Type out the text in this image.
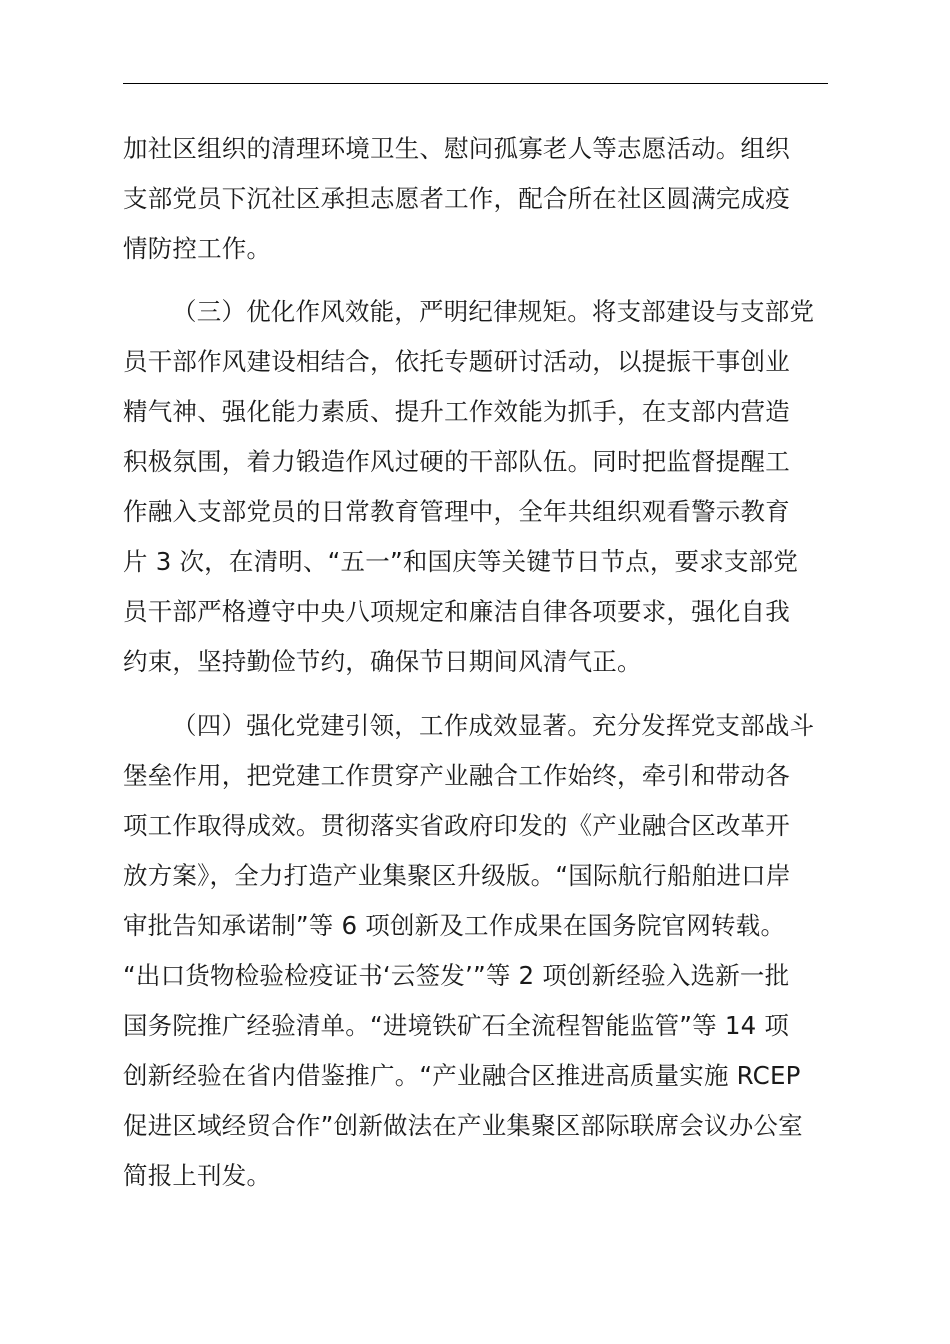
加社区组织的清理环境卫生、慰问孤寡老人等志愿活动。组织
支部党员下沉社区承担志愿者工作，配合所在社区圆满完成疫
情防控工作。

（三）优化作风效能，严明纪律规矩。将支部建设与支部党
员干部作风建设相结合，依托专题研讨活动，以提振干事创业
精气神、强化能力素质、提升工作效能为抓手，在支部内营造
积极氛围，着力锻造作风过硬的干部队伍。同时把监督提醒工
作融入支部党员的日常教育管理中，全年共组织观看警示教育
片 3 次，在清明、“五一”和国庆等关键节日节点，要求支部党
员干部严格遵守中央八项规定和廉洁自律各项要求，强化自我
约束，坚持勤俭节约，确保节日期间风清气正。

（四）强化党建引领，工作成效显著。充分发挥党支部战斗
堡垒作用，把党建工作贯穿产业融合工作始终，牵引和带动各
项工作取得成效。贯彻落实省政府印发的《产业融合区改革开
放方案》，全力打造产业集聚区升级版。“国际航行船舶进口岸
审批告知承诺制”等 6 项创新及工作成果在国务院官网转载。
“出口货物检验检疫证书‘云签发’”等 2 项创新经验入选新一批
国务院推广经验清单。“进境铁矿石全流程智能监管”等 14 项
创新经验在省内借鉴推广。“产业融合区推进高质量实施 RCEP
促进区域经贸合作”创新做法在产业集聚区部际联席会议办公室
简报上刊发。
